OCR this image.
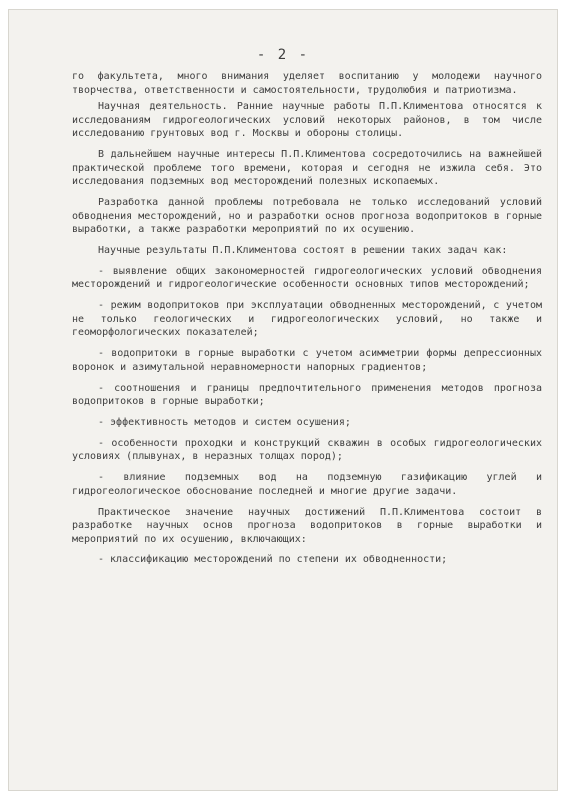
- 2 -

го факультета, много внимания уделяет воспитанию у молодежи научного творчества, ответственности и самостоятельности, трудолюбия и патриотизма.

Научная деятельность. Ранние научные работы П.П.Климентова относятся к исследованиям гидрогеологических условий некоторых районов, в том числе исследованию грунтовых вод г. Москвы и обороны столицы.

В дальнейшем научные интересы П.П.Климентова сосредоточились на важнейшей практической проблеме того времени, которая и сегодня не изжила себя. Это исследования подземных вод месторождений полезных ископаемых.

Разработка данной проблемы потребовала не только исследований условий обводнения месторождений, но и разработки основ прогноза водопритоков в горные выработки, а также разработки мероприятий по их осушению.

Научные результаты П.П.Климентова состоят в решении таких задач как:

- выявление общих закономерностей гидрогеологических условий обводнения месторождений и гидрогеологические особенности основных типов месторождений;

- режим водопритоков при эксплуатации обводненных месторождений, с учетом не только геологических и гидрогеологических условий, но также и геоморфологических показателей;

- водопритоки в горные выработки с учетом асимметрии формы депрессионных воронок и азимутальной неравномерности напорных градиентов;

- соотношения и границы предпочтительного применения методов прогноза водопритоков в горные выработки;

- эффективность методов и систем осушения;

- особенности проходки и конструкций скважин в особых гидрогеологических условиях (плывунах, в неразных толщах пород);

- влияние подземных вод на подземную газификацию углей и гидрогеологическое обоснование последней и многие другие задачи.

Практическое значение научных достижений П.П.Климентова состоит в разработке научных основ прогноза водопритоков в горные выработки и мероприятий по их осушению, включающих:

- классификацию месторождений по степени их обводненности;
